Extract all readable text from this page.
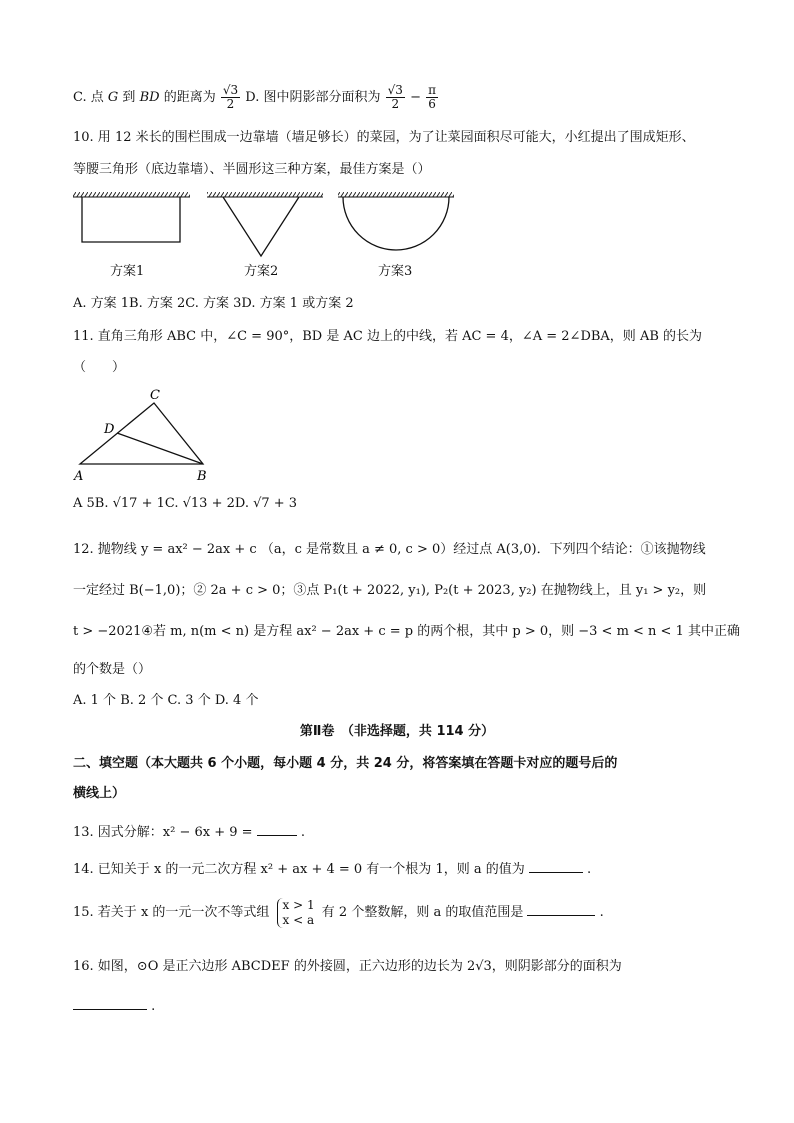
C. 点 G 到 BD 的距离为 $\frac{√3}{2} D$. 图中阴影部分面积为 $\frac{√3}{2} - \frac{\pi}{6}$
10. 用 12 米长的围栏围成一边靠墙（墙足够长）的菜园，为了让菜园面积尽可能大，小红提出了围成矩形、
等腰三角形（底边靠墙）、半圆形这三种方案，最佳方案是（）
方案1	方案2	方案3
A. 方案 1B. 方案 2C. 方案 3D. 方案 1 或方案 2
11. 直角三角形 ABC 中，∠C = 90°，BD 是 AC 边上的中线，若 AC = 4，∠A = 2∠DBA，则 AB 的长为
（　　）
A	B
C
D
A 5B. √17 + 1C. √13 + 2D. √7 + 3
12. 抛物线 y = ax² − 2ax + c （a，c 是常数且 a ≠ 0, c > 0）经过点 A(3,0)．下列四个结论：①该抛物线
一定经过 B(−1,0)；② 2a + c > 0；③点 P₁(t + 2022, y₁), P₂(t + 2023, y₂) 在抛物线上，且 y₁ > y₂，则
t > −2021④若 m, n(m < n) 是方程 ax² − 2ax + c = p 的两个根，其中 p > 0，则 −3 < m < n < 1 其中正确
的个数是（）
A. 1 个 B. 2 个 C. 3 个 D. 4 个
第Ⅱ卷　（非选择题，共 114 分）
二、填空题（本大题共 6 个小题，每小题 4 分，共 24 分，将答案填在答题卡对应的题号后的
横线上）
13. 因式分解：x² − 6x + 9 =	.
14. 已知关于 x 的一元二次方程 x² + ax + 4 = 0 有一个根为 1，则 a 的值为	.
15. 若关于 x 的一元一次不等式组
x > 1
x < a 有 2 个整数解，则 a 的取值范围是	.
16. 如图，⊙O 是正六边形 ABCDEF 的外接圆，正六边形的边长为 2√3，则阴影部分的面积为
.
